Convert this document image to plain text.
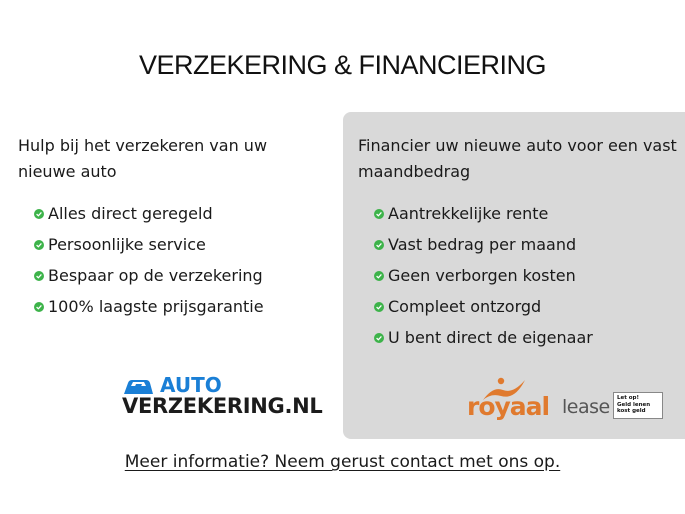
VERZEKERING & FINANCIERING

Hulp bij het verzekeren van uw nieuwe auto

Alles direct geregeld
Persoonlijke service
Bespaar op de verzekering
100% laagste prijsgarantie
AUTO
VERZEKERING.NL

Financier uw nieuwe auto voor een vast maandbedrag

Aantrekkelijke rente
Vast bedrag per maand
Geen verborgen kosten
Compleet ontzorgd
U bent direct de eigenaar
royaal lease Let op!
Geld lenen
kost geld
Meer informatie? Neem gerust contact met ons op.
